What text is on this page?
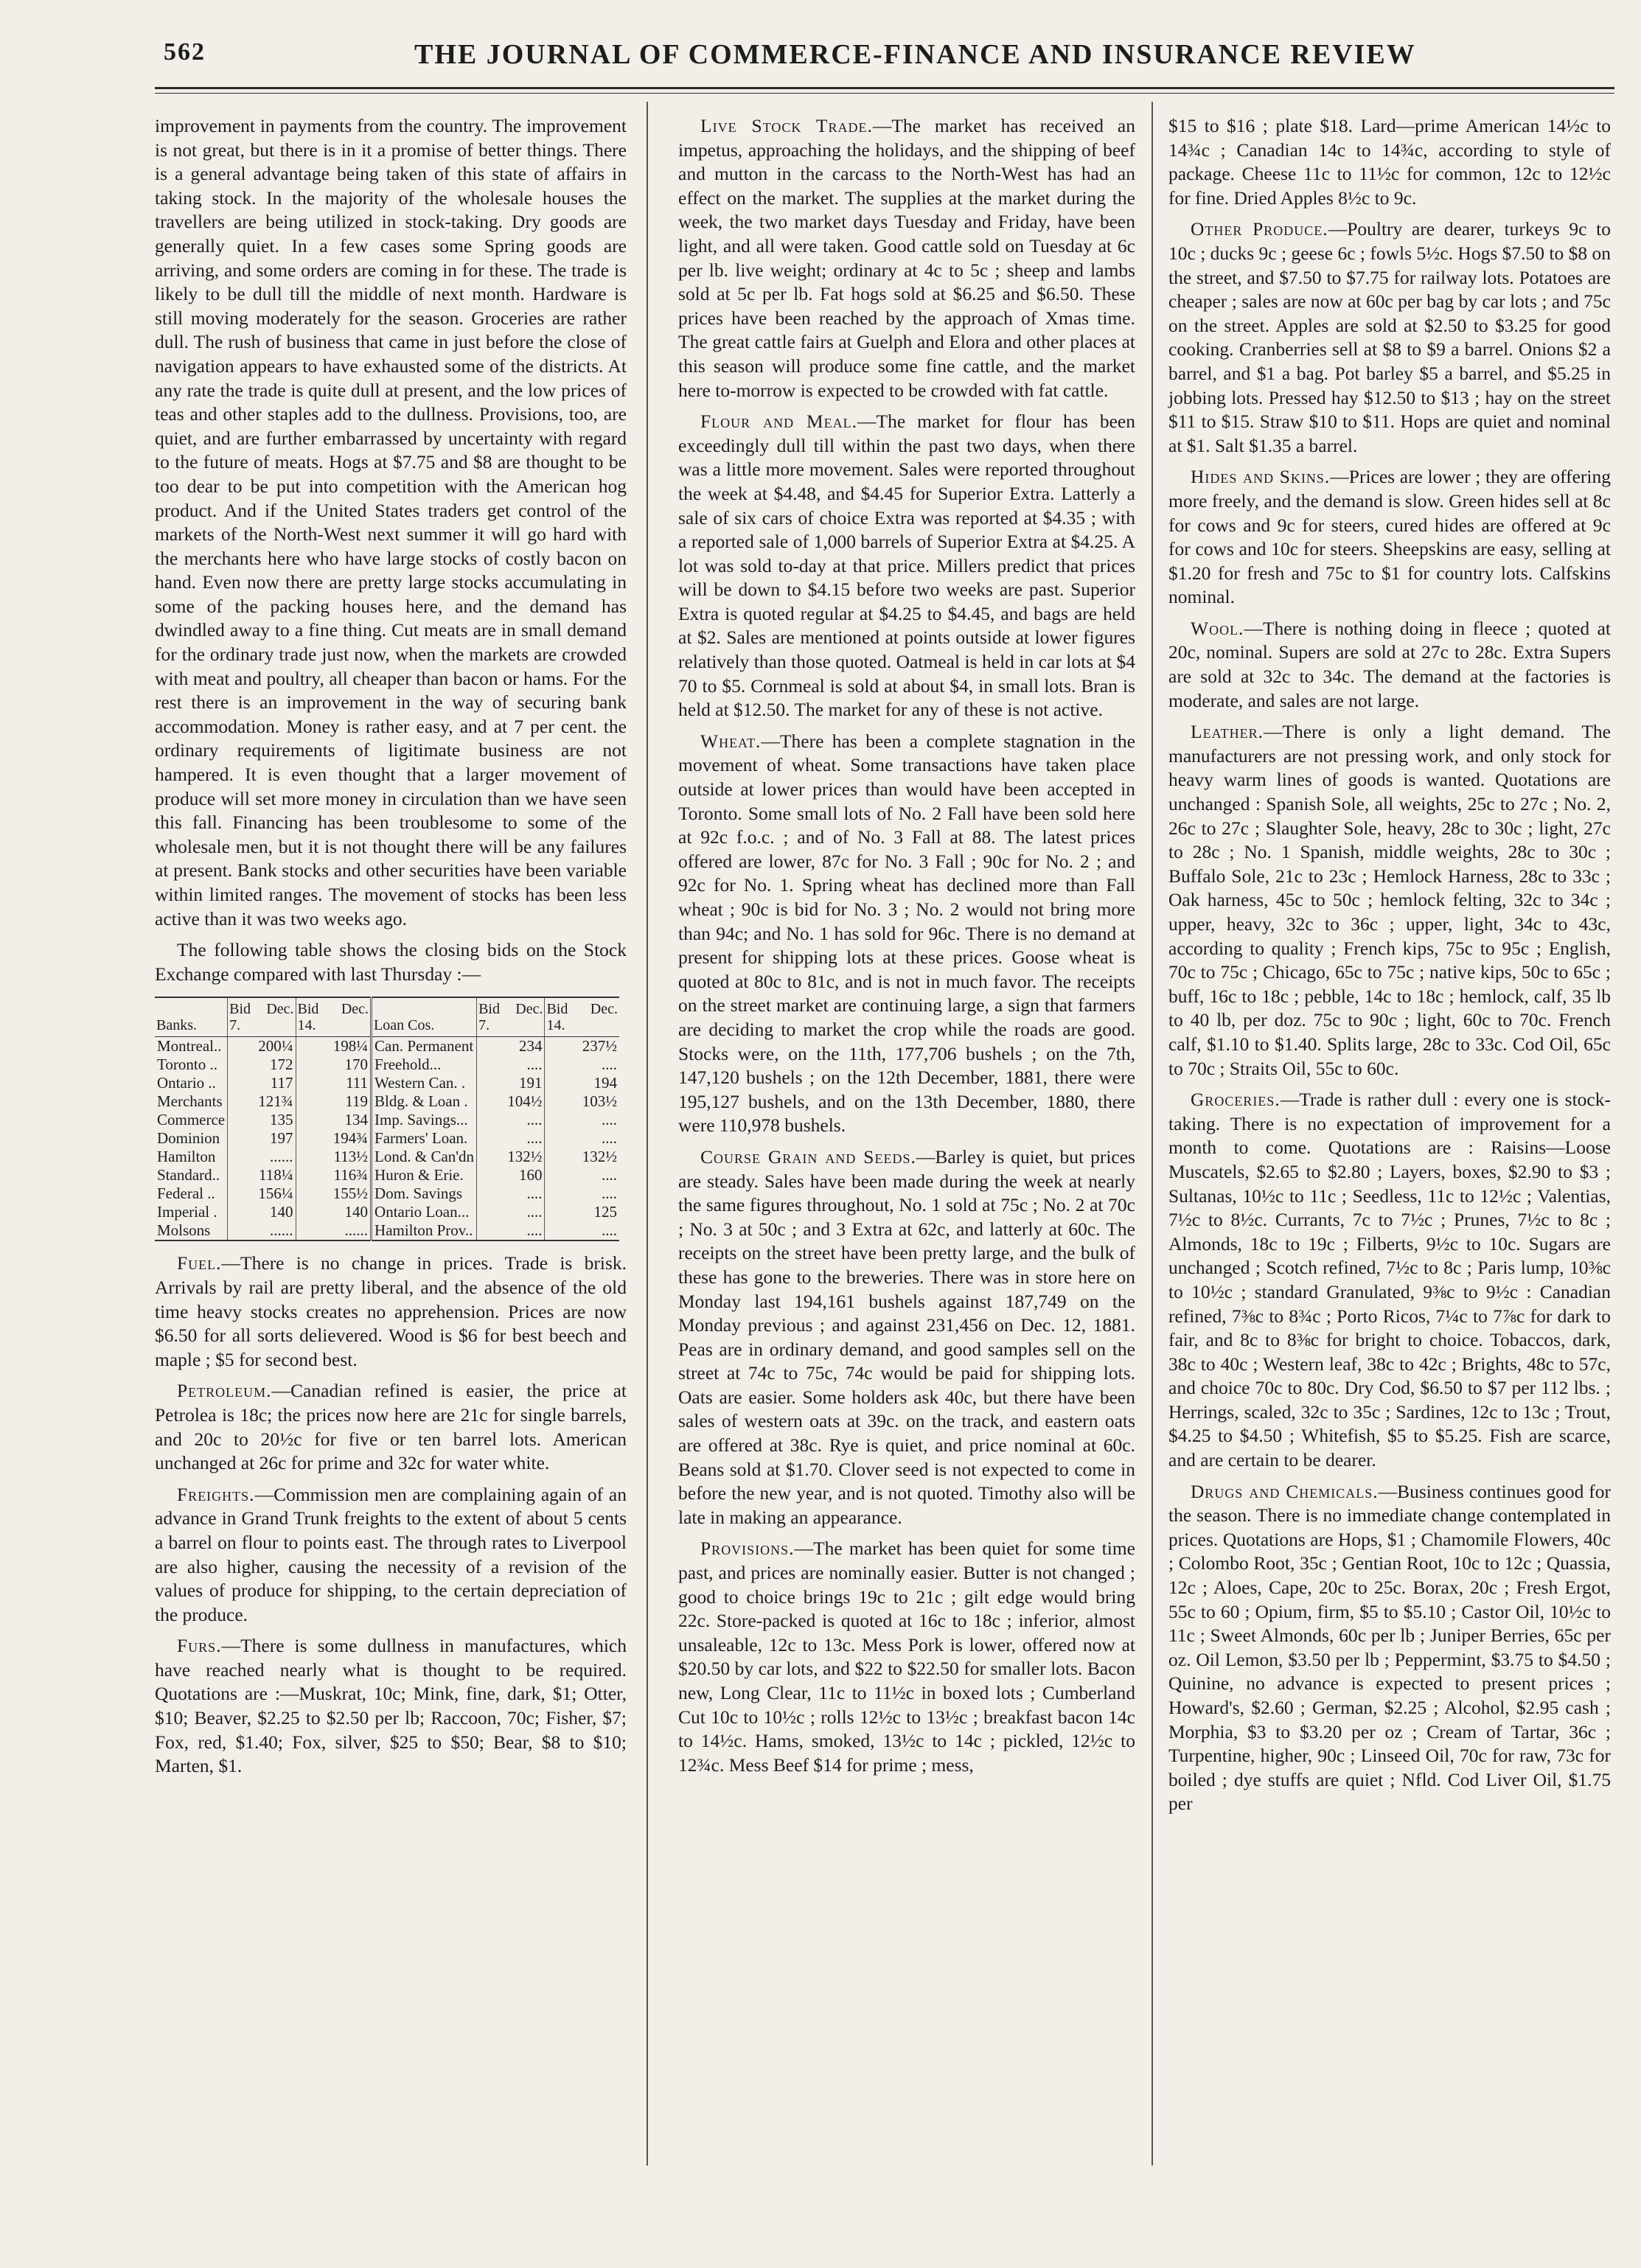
562	THE JOURNAL OF COMMERCE-FINANCE AND INSURANCE REVIEW

improvement in payments from the country. The improvement is not great, but there is in it a promise of better things. There is a general advantage being taken of this state of affairs in taking stock. In the majority of the wholesale houses the travellers are being utilized in stock-taking. Dry goods are generally quiet. In a few cases some Spring goods are arriving, and some orders are coming in for these. The trade is likely to be dull till the middle of next month. Hardware is still moving moderately for the season. Groceries are rather dull. The rush of business that came in just before the close of navigation appears to have exhausted some of the districts. At any rate the trade is quite dull at present, and the low prices of teas and other staples add to the dullness. Provisions, too, are quiet, and are further embarrassed by uncertainty with regard to the future of meats. Hogs at $7.75 and $8 are thought to be too dear to be put into competition with the American hog product. And if the United States traders get control of the markets of the North-West next summer it will go hard with the merchants here who have large stocks of costly bacon on hand. Even now there are pretty large stocks accumulating in some of the packing houses here, and the demand has dwindled away to a fine thing. Cut meats are in small demand for the ordinary trade just now, when the markets are crowded with meat and poultry, all cheaper than bacon or hams. For the rest there is an improvement in the way of securing bank accommodation. Money is rather easy, and at 7 per cent. the ordinary requirements of ligitimate business are not hampered. It is even thought that a larger movement of produce will set more money in circulation than we have seen this fall. Financing has been troublesome to some of the wholesale men, but it is not thought there will be any failures at present. Bank stocks and other securities have been variable within limited ranges. The movement of stocks has been less active than it was two weeks ago.

The following table shows the closing bids on the Stock Exchange compared with last Thursday :—

Banks.	Bid Dec. 7.	Bid Dec. 14.	Loan Cos.	Bid Dec. 7.	Bid Dec. 14.
Montreal..	200¼	198¼	Can. Permanent	234	237½
Toronto ..	172	170	Freehold...	....	....
Ontario ..	117	111	Western Can. .	191	194
Merchants	121¾	119	Bldg. & Loan .	104½	103½
Commerce	135	134	Imp. Savings...	....	....
Dominion	197	194¾	Farmers' Loan.	....	....
Hamilton	......	113½	Lond. & Can'dn	132½	132½
Standard..	118¼	116¾	Huron & Erie.	160	....
Federal ..	156¼	155½	Dom. Savings	....	....
Imperial .	140	140	Ontario Loan...	....	125
Molsons	......	......	Hamilton Prov..	....	....

Fuel.—There is no change in prices. Trade is brisk. Arrivals by rail are pretty liberal, and the absence of the old time heavy stocks creates no apprehension. Prices are now $6.50 for all sorts delievered. Wood is $6 for best beech and maple ; $5 for second best.

Petroleum.—Canadian refined is easier, the price at Petrolea is 18c; the prices now here are 21c for single barrels, and 20c to 20½c for five or ten barrel lots. American unchanged at 26c for prime and 32c for water white.

Freights.—Commission men are complaining again of an advance in Grand Trunk freights to the extent of about 5 cents a barrel on flour to points east. The through rates to Liverpool are also higher, causing the necessity of a revision of the values of produce for shipping, to the certain depreciation of the produce.

Furs.—There is some dullness in manufactures, which have reached nearly what is thought to be required. Quotations are :—Muskrat, 10c; Mink, fine, dark, $1; Otter, $10; Beaver, $2.25 to $2.50 per lb; Raccoon, 70c; Fisher, $7; Fox, red, $1.40; Fox, silver, $25 to $50; Bear, $8 to $10; Marten, $1.

Live Stock Trade.—The market has received an impetus, approaching the holidays, and the shipping of beef and mutton in the carcass to the North-West has had an effect on the market. The supplies at the market during the week, the two market days Tuesday and Friday, have been light, and all were taken. Good cattle sold on Tuesday at 6c per lb. live weight; ordinary at 4c to 5c ; sheep and lambs sold at 5c per lb. Fat hogs sold at $6.25 and $6.50. These prices have been reached by the approach of Xmas time. The great cattle fairs at Guelph and Elora and other places at this season will produce some fine cattle, and the market here to-morrow is expected to be crowded with fat cattle.

Flour and Meal.—The market for flour has been exceedingly dull till within the past two days, when there was a little more movement. Sales were reported throughout the week at $4.48, and $4.45 for Superior Extra. Latterly a sale of six cars of choice Extra was reported at $4.35 ; with a reported sale of 1,000 barrels of Superior Extra at $4.25. A lot was sold to-day at that price. Millers predict that prices will be down to $4.15 before two weeks are past. Superior Extra is quoted regular at $4.25 to $4.45, and bags are held at $2. Sales are mentioned at points outside at lower figures relatively than those quoted. Oatmeal is held in car lots at $4 70 to $5. Cornmeal is sold at about $4, in small lots. Bran is held at $12.50. The market for any of these is not active.

Wheat.—There has been a complete stagnation in the movement of wheat. Some transactions have taken place outside at lower prices than would have been accepted in Toronto. Some small lots of No. 2 Fall have been sold here at 92c f.o.c. ; and of No. 3 Fall at 88. The latest prices offered are lower, 87c for No. 3 Fall ; 90c for No. 2 ; and 92c for No. 1. Spring wheat has declined more than Fall wheat ; 90c is bid for No. 3 ; No. 2 would not bring more than 94c; and No. 1 has sold for 96c. There is no demand at present for shipping lots at these prices. Goose wheat is quoted at 80c to 81c, and is not in much favor. The receipts on the street market are continuing large, a sign that farmers are deciding to market the crop while the roads are good. Stocks were, on the 11th, 177,706 bushels ; on the 7th, 147,120 bushels ; on the 12th December, 1881, there were 195,127 bushels, and on the 13th December, 1880, there were 110,978 bushels.

Course Grain and Seeds.—Barley is quiet, but prices are steady. Sales have been made during the week at nearly the same figures throughout, No. 1 sold at 75c ; No. 2 at 70c ; No. 3 at 50c ; and 3 Extra at 62c, and latterly at 60c. The receipts on the street have been pretty large, and the bulk of these has gone to the breweries. There was in store here on Monday last 194,161 bushels against 187,749 on the Monday previous ; and against 231,456 on Dec. 12, 1881. Peas are in ordinary demand, and good samples sell on the street at 74c to 75c, 74c would be paid for shipping lots. Oats are easier. Some holders ask 40c, but there have been sales of western oats at 39c. on the track, and eastern oats are offered at 38c. Rye is quiet, and price nominal at 60c. Beans sold at $1.70. Clover seed is not expected to come in before the new year, and is not quoted. Timothy also will be late in making an appearance.

Provisions.—The market has been quiet for some time past, and prices are nominally easier. Butter is not changed ; good to choice brings 19c to 21c ; gilt edge would bring 22c. Store-packed is quoted at 16c to 18c ; inferior, almost unsaleable, 12c to 13c. Mess Pork is lower, offered now at $20.50 by car lots, and $22 to $22.50 for smaller lots. Bacon new, Long Clear, 11c to 11½c in boxed lots ; Cumberland Cut 10c to 10½c ; rolls 12½c to 13½c ; breakfast bacon 14c to 14½c. Hams, smoked, 13½c to 14c ; pickled, 12½c to 12¾c. Mess Beef $14 for prime ; mess,

$15 to $16 ; plate $18. Lard—prime American 14½c to 14¾c ; Canadian 14c to 14¾c, according to style of package. Cheese 11c to 11½c for common, 12c to 12½c for fine. Dried Apples 8½c to 9c.

Other Produce.—Poultry are dearer, turkeys 9c to 10c ; ducks 9c ; geese 6c ; fowls 5½c. Hogs $7.50 to $8 on the street, and $7.50 to $7.75 for railway lots. Potatoes are cheaper ; sales are now at 60c per bag by car lots ; and 75c on the street. Apples are sold at $2.50 to $3.25 for good cooking. Cranberries sell at $8 to $9 a barrel. Onions $2 a barrel, and $1 a bag. Pot barley $5 a barrel, and $5.25 in jobbing lots. Pressed hay $12.50 to $13 ; hay on the street $11 to $15. Straw $10 to $11. Hops are quiet and nominal at $1. Salt $1.35 a barrel.

Hides and Skins.—Prices are lower ; they are offering more freely, and the demand is slow. Green hides sell at 8c for cows and 9c for steers, cured hides are offered at 9c for cows and 10c for steers. Sheepskins are easy, selling at $1.20 for fresh and 75c to $1 for country lots. Calfskins nominal.

Wool.—There is nothing doing in fleece ; quoted at 20c, nominal. Supers are sold at 27c to 28c. Extra Supers are sold at 32c to 34c. The demand at the factories is moderate, and sales are not large.

Leather.—There is only a light demand. The manufacturers are not pressing work, and only stock for heavy warm lines of goods is wanted. Quotations are unchanged : Spanish Sole, all weights, 25c to 27c ; No. 2, 26c to 27c ; Slaughter Sole, heavy, 28c to 30c ; light, 27c to 28c ; No. 1 Spanish, middle weights, 28c to 30c ; Buffalo Sole, 21c to 23c ; Hemlock Harness, 28c to 33c ; Oak harness, 45c to 50c ; hemlock felting, 32c to 34c ; upper, heavy, 32c to 36c ; upper, light, 34c to 43c, according to quality ; French kips, 75c to 95c ; English, 70c to 75c ; Chicago, 65c to 75c ; native kips, 50c to 65c ; buff, 16c to 18c ; pebble, 14c to 18c ; hemlock, calf, 35 lb to 40 lb, per doz. 75c to 90c ; light, 60c to 70c. French calf, $1.10 to $1.40. Splits large, 28c to 33c. Cod Oil, 65c to 70c ; Straits Oil, 55c to 60c.

Groceries.—Trade is rather dull : every one is stock-taking. There is no expectation of improvement for a month to come. Quotations are : Raisins—Loose Muscatels, $2.65 to $2.80 ; Layers, boxes, $2.90 to $3 ; Sultanas, 10½c to 11c ; Seedless, 11c to 12½c ; Valentias, 7½c to 8½c. Currants, 7c to 7½c ; Prunes, 7½c to 8c ; Almonds, 18c to 19c ; Filberts, 9½c to 10c. Sugars are unchanged ; Scotch refined, 7½c to 8c ; Paris lump, 10⅜c to 10½c ; standard Granulated, 9⅜c to 9½c : Canadian refined, 7⅜c to 8¾c ; Porto Ricos, 7¼c to 7⅞c for dark to fair, and 8c to 8⅜c for bright to choice. Tobaccos, dark, 38c to 40c ; Western leaf, 38c to 42c ; Brights, 48c to 57c, and choice 70c to 80c. Dry Cod, $6.50 to $7 per 112 lbs. ; Herrings, scaled, 32c to 35c ; Sardines, 12c to 13c ; Trout, $4.25 to $4.50 ; Whitefish, $5 to $5.25. Fish are scarce, and are certain to be dearer.

Drugs and Chemicals.—Business continues good for the season. There is no immediate change contemplated in prices. Quotations are Hops, $1 ; Chamomile Flowers, 40c ; Colombo Root, 35c ; Gentian Root, 10c to 12c ; Quassia, 12c ; Aloes, Cape, 20c to 25c. Borax, 20c ; Fresh Ergot, 55c to 60 ; Opium, firm, $5 to $5.10 ; Castor Oil, 10½c to 11c ; Sweet Almonds, 60c per lb ; Juniper Berries, 65c per oz. Oil Lemon, $3.50 per lb ; Peppermint, $3.75 to $4.50 ; Quinine, no advance is expected to present prices ; Howard's, $2.60 ; German, $2.25 ; Alcohol, $2.95 cash ; Morphia, $3 to $3.20 per oz ; Cream of Tartar, 36c ; Turpentine, higher, 90c ; Linseed Oil, 70c for raw, 73c for boiled ; dye stuffs are quiet ; Nfld. Cod Liver Oil, $1.75 per
